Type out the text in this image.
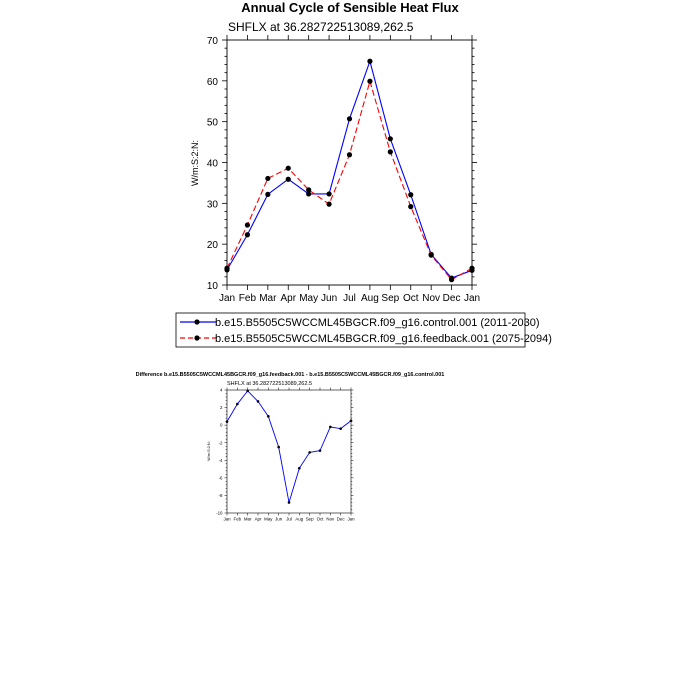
Annual Cycle of Sensible Heat Flux
SHFLX at 36.282722513089,262.5
W/m:S:2:N:
10
20
30
40
50
60
70
Jan Feb Mar Apr May Jun Jul Aug Sep Oct Nov Dec Jan
b.e15.B5505C5WCCML45BGCR.f09_g16.control.001 (2011-2030)
b.e15.B5505C5WCCML45BGCR.f09_g16.feedback.001 (2075-2094)
Difference b.e15.B5505C5WCCML45BGCR.f09_g16.feedback.001 - b.e15.B5505C5WCCML45BGCR.f09_g16.control.001
SHFLX at 36.282722513089,262.5
W/m:S:2:N:
-10
-8
-6
-4
-2
0
2
4
Jan Feb Mar Apr May Jun Jul Aug Sep Oct Nov Dec Jan
